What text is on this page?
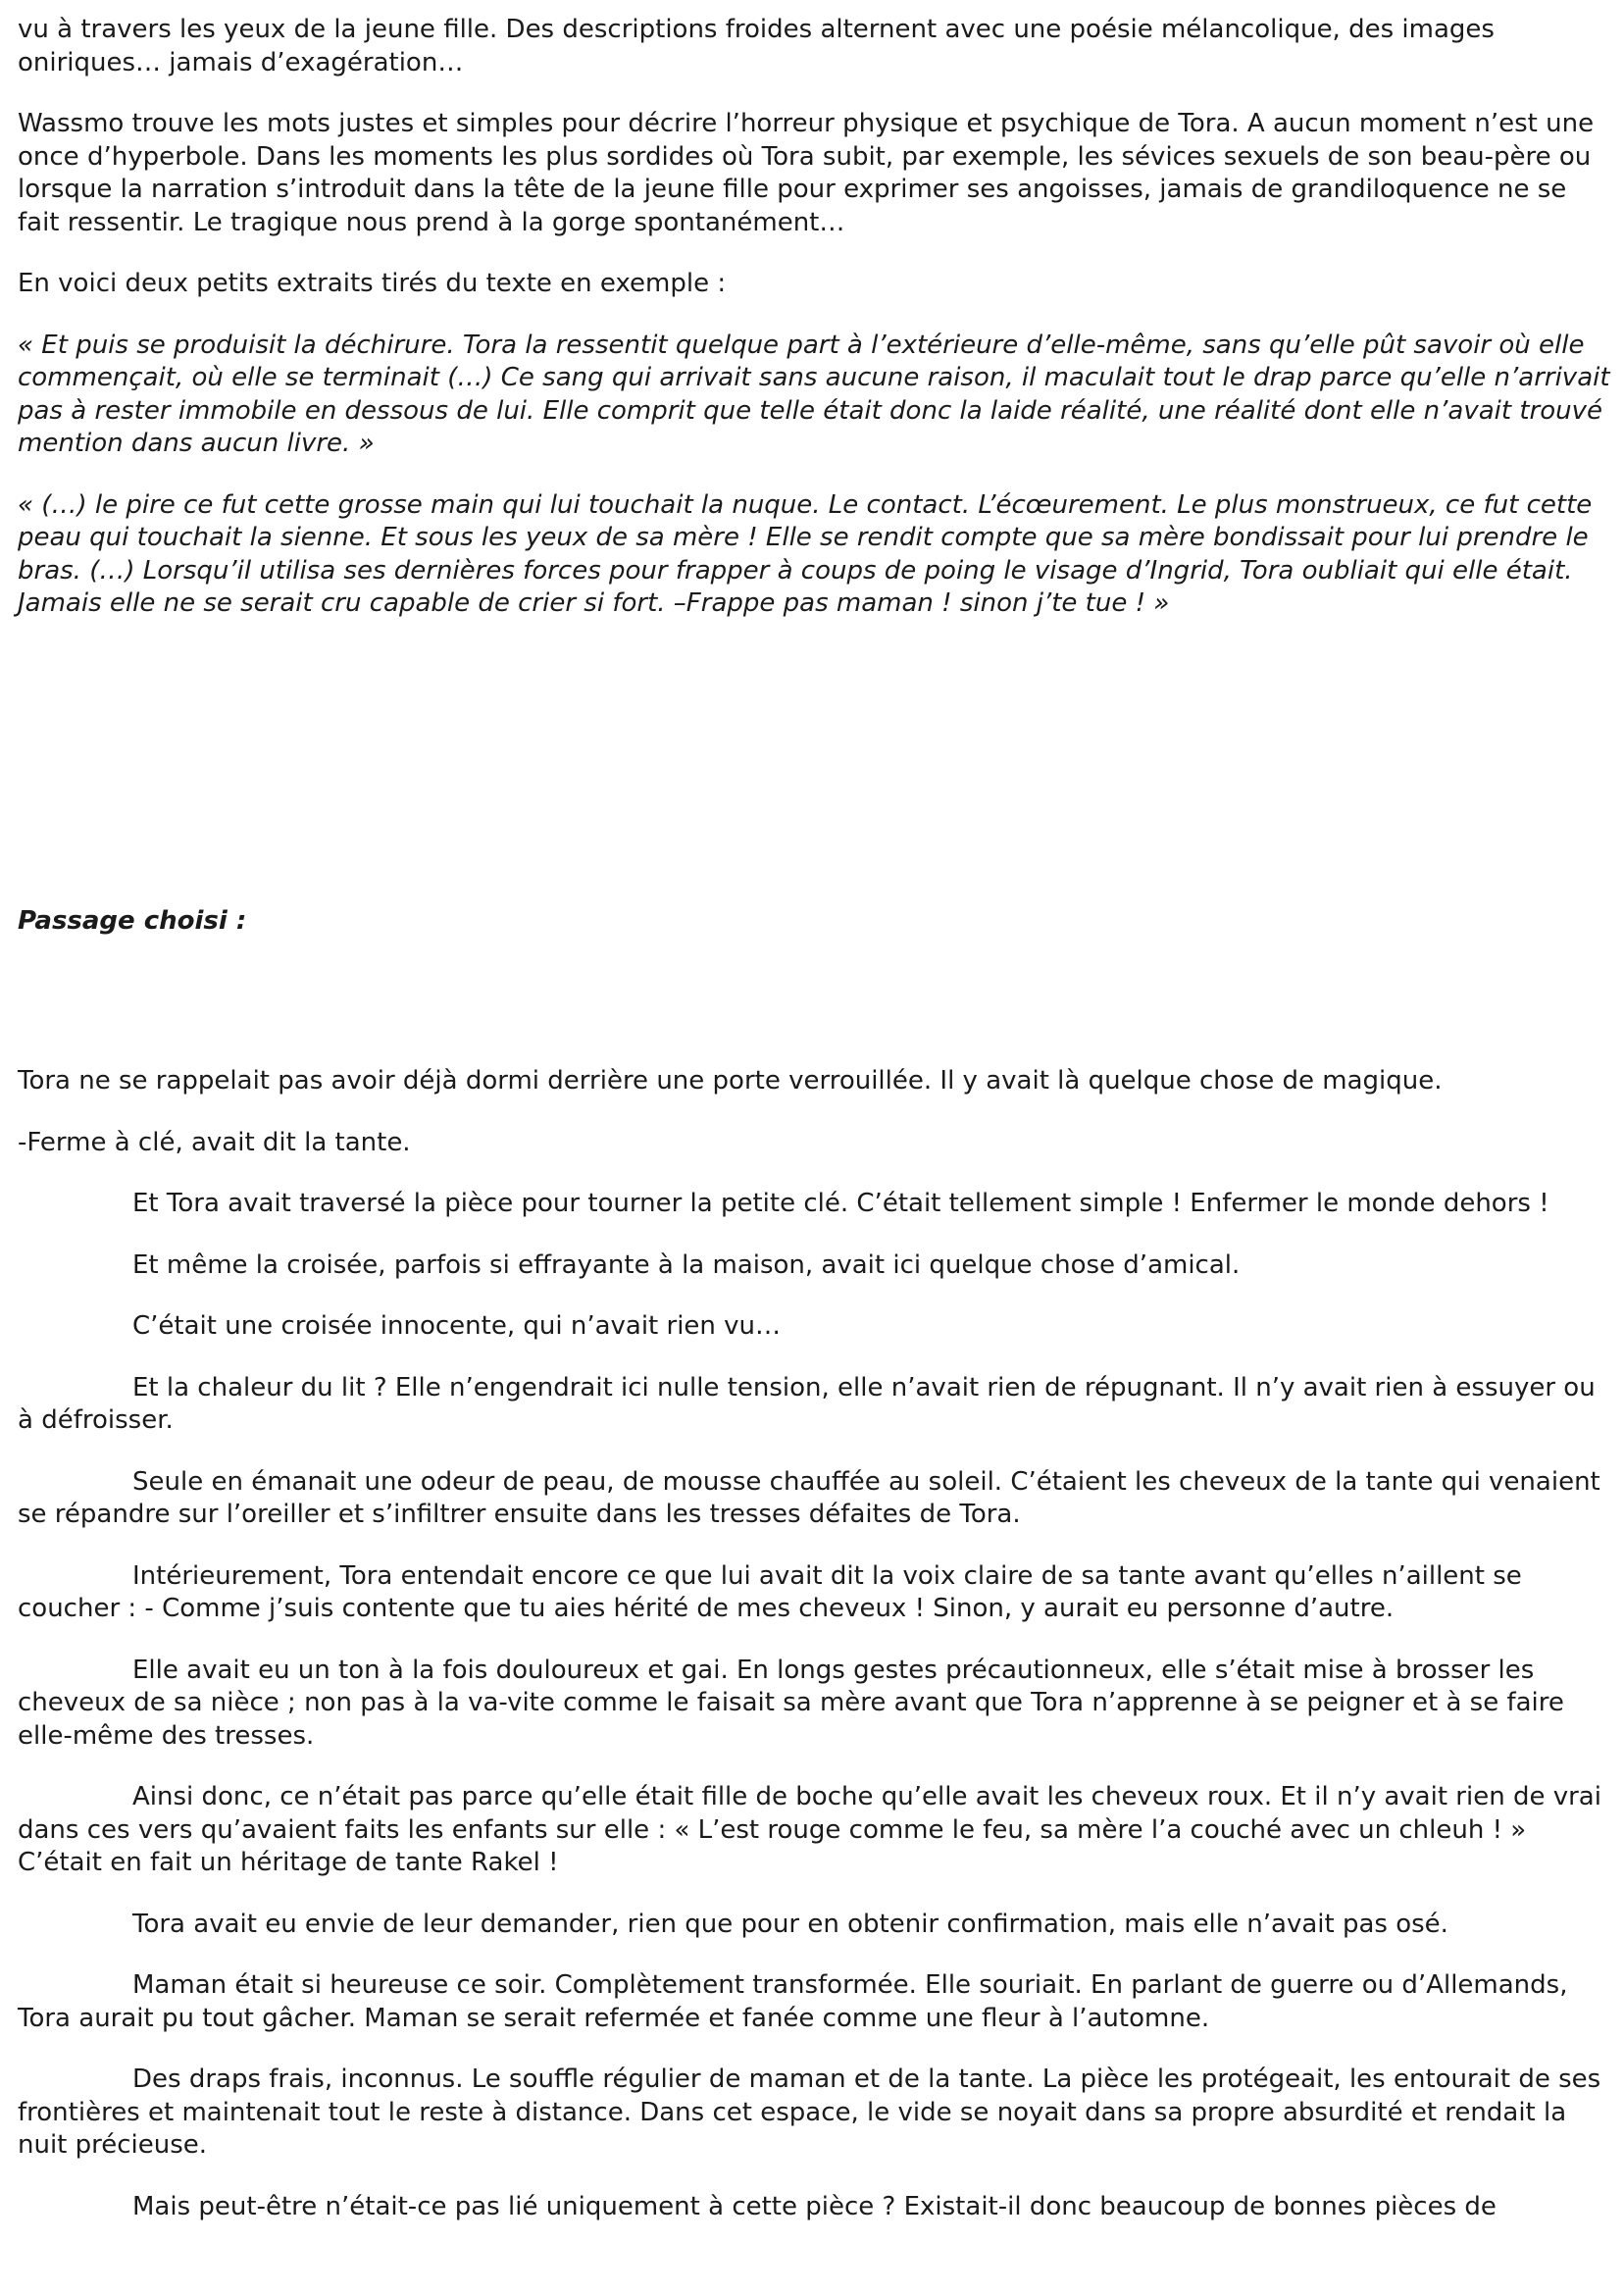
vu à travers les yeux de la jeune fille. Des descriptions froides alternent avec une poésie mélancolique, des images oniriques… jamais d’exagération…

Wassmo trouve les mots justes et simples pour décrire l’horreur physique et psychique de Tora. A aucun moment n’est une once d’hyperbole. Dans les moments les plus sordides où Tora subit, par exemple, les sévices sexuels de son beau-père ou lorsque la narration s’introduit dans la tête de la jeune fille pour exprimer ses angoisses, jamais de grandiloquence ne se fait ressentir. Le tragique nous prend à la gorge spontanément…

En voici deux petits extraits tirés du texte en exemple :

« Et puis se produisit la déchirure. Tora la ressentit quelque part à l’extérieure d’elle-même, sans qu’elle pût savoir où elle commençait, où elle se terminait (…) Ce sang qui arrivait sans aucune raison, il maculait tout le drap parce qu’elle n’arrivait pas à rester immobile en dessous de lui. Elle comprit que telle était donc la laide réalité, une réalité dont elle n’avait trouvé mention dans aucun livre. »

« (…) le pire ce fut cette grosse main qui lui touchait la nuque. Le contact. L’écœurement. Le plus monstrueux, ce fut cette peau qui touchait la sienne. Et sous les yeux de sa mère ! Elle se rendit compte que sa mère bondissait pour lui prendre le bras. (…) Lorsqu’il utilisa ses dernières forces pour frapper à coups de poing le visage d’Ingrid, Tora oubliait qui elle était. Jamais elle ne se serait cru capable de crier si fort. –Frappe pas maman ! sinon j’te tue ! »

Passage choisi :

Tora ne se rappelait pas avoir déjà dormi derrière une porte verrouillée. Il y avait là quelque chose de magique.

-Ferme à clé, avait dit la tante.

Et Tora avait traversé la pièce pour tourner la petite clé. C’était tellement simple ! Enfermer le monde dehors !

Et même la croisée, parfois si effrayante à la maison, avait ici quelque chose d’amical.

C’était une croisée innocente, qui n’avait rien vu…

Et la chaleur du lit ? Elle n’engendrait ici nulle tension, elle n’avait rien de répugnant. Il n’y avait rien à essuyer ou à défroisser.

Seule en émanait une odeur de peau, de mousse chauffée au soleil. C’étaient les cheveux de la tante qui venaient se répandre sur l’oreiller et s’infiltrer ensuite dans les tresses défaites de Tora.

Intérieurement, Tora entendait encore ce que lui avait dit la voix claire de sa tante avant qu’elles n’aillent se coucher : - Comme j’suis contente que tu aies hérité de mes cheveux ! Sinon, y aurait eu personne d’autre.

Elle avait eu un ton à la fois douloureux et gai. En longs gestes précautionneux, elle s’était mise à brosser les cheveux de sa nièce ; non pas à la va-vite comme le faisait sa mère avant que Tora n’apprenne à se peigner et à se faire elle-même des tresses.

Ainsi donc, ce n’était pas parce qu’elle était fille de boche qu’elle avait les cheveux roux. Et il n’y avait rien de vrai dans ces vers qu’avaient faits les enfants sur elle : « L’est rouge comme le feu, sa mère l’a couché avec un chleuh ! » C’était en fait un héritage de tante Rakel !

Tora avait eu envie de leur demander, rien que pour en obtenir confirmation, mais elle n’avait pas osé.

Maman était si heureuse ce soir. Complètement transformée. Elle souriait. En parlant de guerre ou d’Allemands, Tora aurait pu tout gâcher. Maman se serait refermée et fanée comme une fleur à l’automne.

Des draps frais, inconnus. Le souffle régulier de maman et de la tante. La pièce les protégeait, les entourait de ses frontières et maintenait tout le reste à distance. Dans cet espace, le vide se noyait dans sa propre absurdité et rendait la nuit précieuse.

Mais peut-être n’était-ce pas lié uniquement à cette pièce ? Existait-il donc beaucoup de bonnes pièces de
